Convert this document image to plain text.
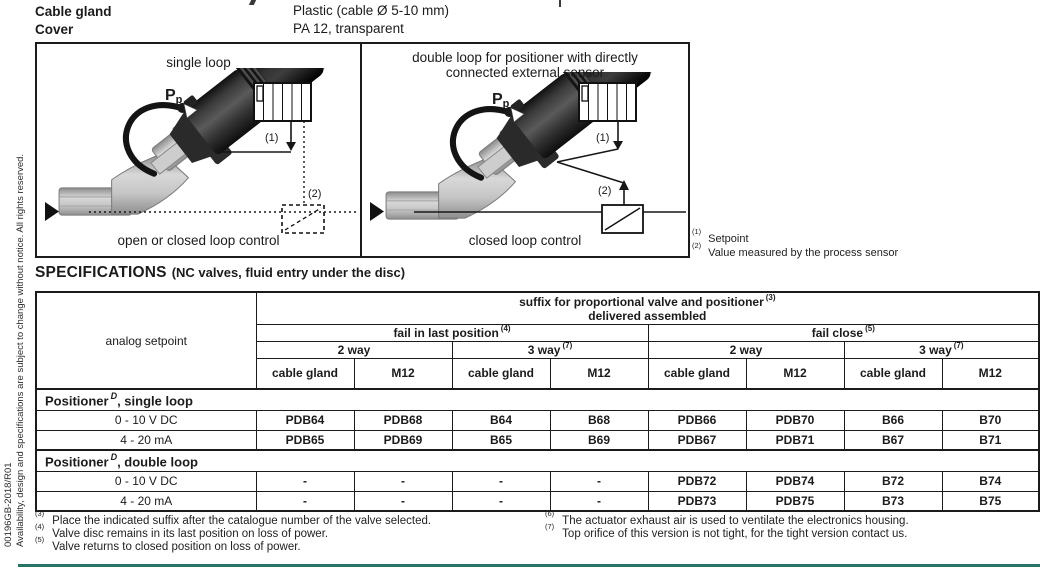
00196GB-2018/R01 Availability, design and specifications are subject to change without notice. All rights reserved.
Cable gland	Plastic (cable Ø 5-10 mm)
Cover	PA 12, transparent
single loop
Pp
(1)
(2)
open or closed loop control
double loop for positioner with directly
connected external sensor
Pp
(1)
(2)
closed loop control
$^{(1)}$Setpoint
$^{(2)}$Value measured by the process sensor
SPECIFICATIONS (NC valves, fluid entry under the disc)
analog setpoint	suffix for proportional valve and positioner $^{(3)}$
delivered assembled							

	fail in last position $^{(4)}$				fail close $^{(5)}$
	2 way		3 way $^{(7)}$		2 way		3 way $^{(7)}$
	cable gland	M12	cable gland	M12	cable gland	M12	cable gland	M12
Positioner $^D$, single loop								
0 - 10 V DC	PDB64	PDB68	B64	B68	PDB66	PDB70	B66	B70
4 - 20 mA	PDB65	PDB69	B65	B69	PDB67	PDB71	B67	B71
Positioner $^D$, double loop								
0 - 10 V DC	-	-	-	-	PDB72	PDB74	B72	B74
4 - 20 mA	-	-	-	-	PDB73	PDB75	B73	B75
$^{(3)}$Place the indicated suffix after the catalogue number of the valve selected.
$^{(4)}$Valve disc remains in its last position on loss of power.
$^{(5)}$Valve returns to closed position on loss of power.
$^{(6)}$The actuator exhaust air is used to ventilate the electronics housing.
$^{(7)}$Top orifice of this version is not tight, for the tight version contact us.
